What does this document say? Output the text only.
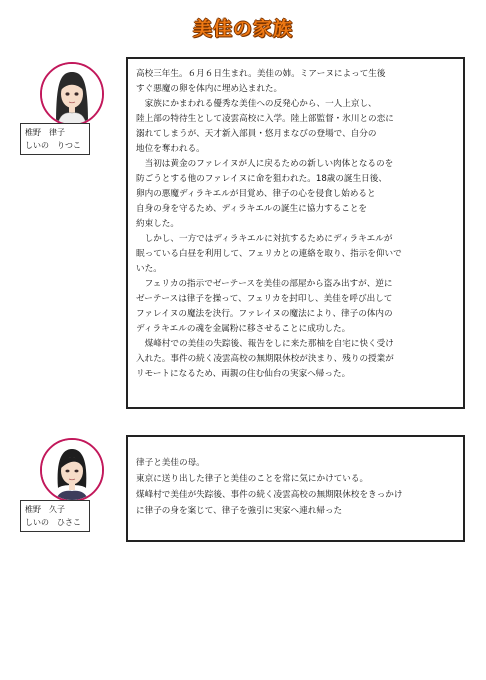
美佳の家族
椎野　律子
しいの　りつこ

高校三年生。６月６日生まれ。美佳の姉。ミアーヌによって生後

すぐ悪魔の卵を体内に埋め込まれた。

家族にかまわれる優秀な美佳への反発心から、一人上京し、

陸上部の特待生として凌雲高校に入学。陸上部監督・氷川との恋に

溺れてしまうが、天才新入部員・悠月まなびの登場で、自分の

地位を奪われる。

当初は黄金のファレイヌが人に戻るための新しい肉体となるのを

防ごうとする他のファレイヌに命を狙われた。18歳の誕生日後、

卵内の悪魔ディラキエルが目覚め、律子の心を侵食し始めると

自身の身を守るため、ディラキエルの誕生に協力することを

約束した。

しかし、一方ではディラキエルに対抗するためにディラキエルが

眠っている白昼を利用して、フェリカとの連絡を取り、指示を仰いで

いた。

フェリカの指示でゼーテースを美佳の部屋から盗み出すが、逆に

ゼーテースは律子を操って、フェリカを封印し、美佳を呼び出して

ファレイヌの魔法を決行。ファレイヌの魔法により、律子の体内の

ディラキエルの魂を金属粉に移させることに成功した。

煤峰村での美佳の失踪後、報告をしに来た那柚を自宅に快く受け

入れた。事件の続く凌雲高校の無期限休校が決まり、残りの授業が

リモートになるため、両親の住む仙台の実家へ帰った。

椎野　久子
しいの　ひさこ

律子と美佳の母。

東京に送り出した律子と美佳のことを常に気にかけている。

煤峰村で美佳が失踪後、事件の続く凌雲高校の無期限休校をきっかけ

に律子の身を案じて、律子を強引に実家へ連れ帰った
